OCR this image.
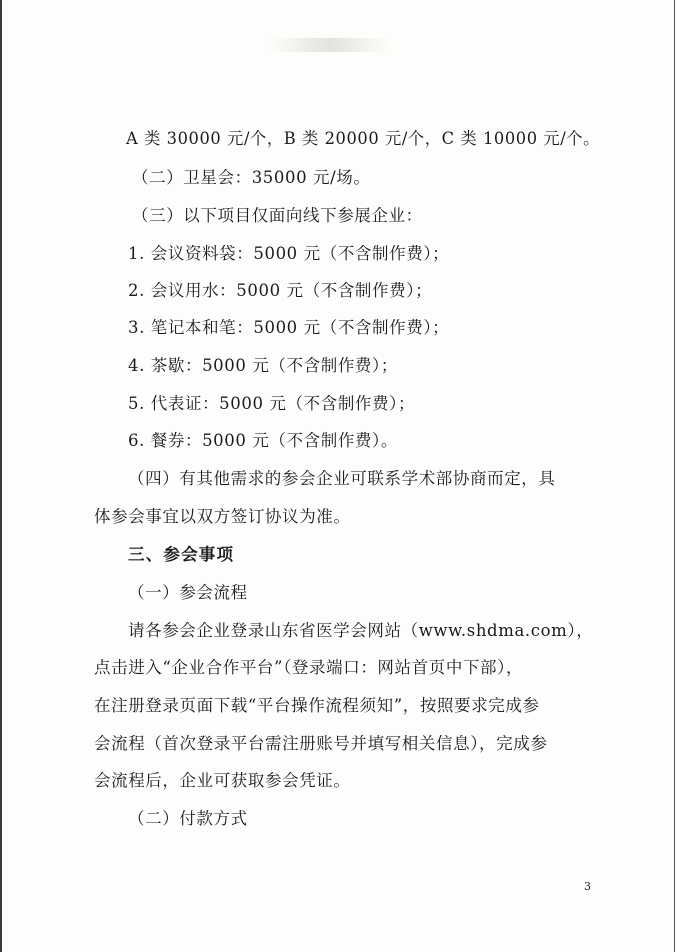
A 类 30000 元/个，B 类 20000 元/个，C 类 10000 元/个。
（二）卫星会：35000 元/场。
（三）以下项目仅面向线下参展企业：
1. 会议资料袋：5000 元（不含制作费）；
2. 会议用水：5000 元（不含制作费）；
3. 笔记本和笔：5000 元（不含制作费）；
4. 茶歇：5000 元（不含制作费）；
5. 代表证：5000 元（不含制作费）；
6. 餐券：5000 元（不含制作费）。
（四）有其他需求的参会企业可联系学术部协商而定，具
体参会事宜以双方签订协议为准。
三、参会事项
（一）参会流程
请各参会企业登录山东省医学会网站（www.shdma.com），
点击进入“企业合作平台”（登录端口：网站首页中下部），
在注册登录页面下载“平台操作流程须知”，按照要求完成参
会流程（首次登录平台需注册账号并填写相关信息），完成参
会流程后，企业可获取参会凭证。
（二）付款方式
3
